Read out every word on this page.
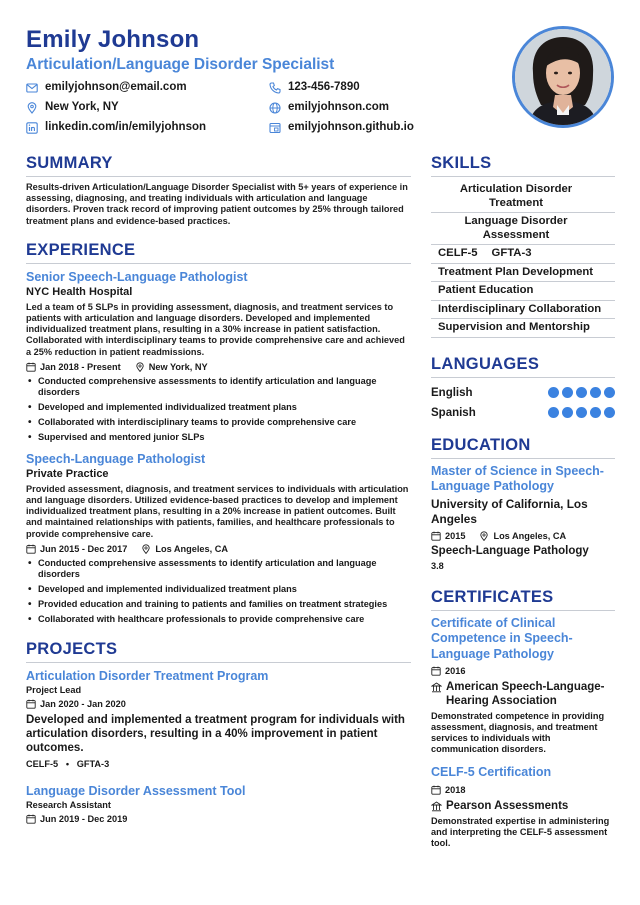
Emily Johnson
Articulation/Language Disorder Specialist
emilyjohnson@email.com	123-456-7890
New York, NY	emilyjohnson.com
linkedin.com/in/emilyjohnson	emilyjohnson.github.io
SUMMARY
Results-driven Articulation/Language Disorder Specialist with 5+ years of experience in assessing, diagnosing, and treating individuals with articulation and language disorders. Proven track record of improving patient outcomes by 25% through tailored treatment plans and evidence-based practices.
EXPERIENCE
Senior Speech-Language Pathologist
NYC Health Hospital
Led a team of 5 SLPs in providing assessment, diagnosis, and treatment services to patients with articulation and language disorders. Developed and implemented individualized treatment plans, resulting in a 30% increase in patient satisfaction. Collaborated with interdisciplinary teams to provide comprehensive care and achieved a 25% reduction in patient readmissions.
Jan 2018 - Present	New York, NY
• Conducted comprehensive assessments to identify articulation and language disorders
• Developed and implemented individualized treatment plans
• Collaborated with interdisciplinary teams to provide comprehensive care
• Supervised and mentored junior SLPs
Speech-Language Pathologist
Private Practice
Provided assessment, diagnosis, and treatment services to individuals with articulation and language disorders. Utilized evidence-based practices to develop and implement individualized treatment plans, resulting in a 20% increase in patient outcomes. Built and maintained relationships with patients, families, and healthcare professionals to provide comprehensive care.
Jun 2015 - Dec 2017	Los Angeles, CA
• Conducted comprehensive assessments to identify articulation and language disorders
• Developed and implemented individualized treatment plans
• Provided education and training to patients and families on treatment strategies
• Collaborated with healthcare professionals to provide comprehensive care
PROJECTS
Articulation Disorder Treatment Program
Project Lead
Jan 2020 - Jan 2020
Developed and implemented a treatment program for individuals with articulation disorders, resulting in a 40% improvement in patient outcomes.
CELF-5   •   GFTA-3
Language Disorder Assessment Tool
Research Assistant
Jun 2019 - Dec 2019
SKILLS
Articulation Disorder Treatment
Language Disorder Assessment
CELF-5	GFTA-3
Treatment Plan Development
Patient Education
Interdisciplinary Collaboration
Supervision and Mentorship
LANGUAGES
English
Spanish
EDUCATION
Master of Science in Speech-Language Pathology
University of California, Los Angeles
2015	Los Angeles, CA
Speech-Language Pathology
3.8
CERTIFICATES
Certificate of Clinical Competence in Speech-Language Pathology
2016
American Speech-Language-Hearing Association
Demonstrated competence in providing assessment, diagnosis, and treatment services to individuals with communication disorders.
CELF-5 Certification
2018
Pearson Assessments
Demonstrated expertise in administering and interpreting the CELF-5 assessment tool.
